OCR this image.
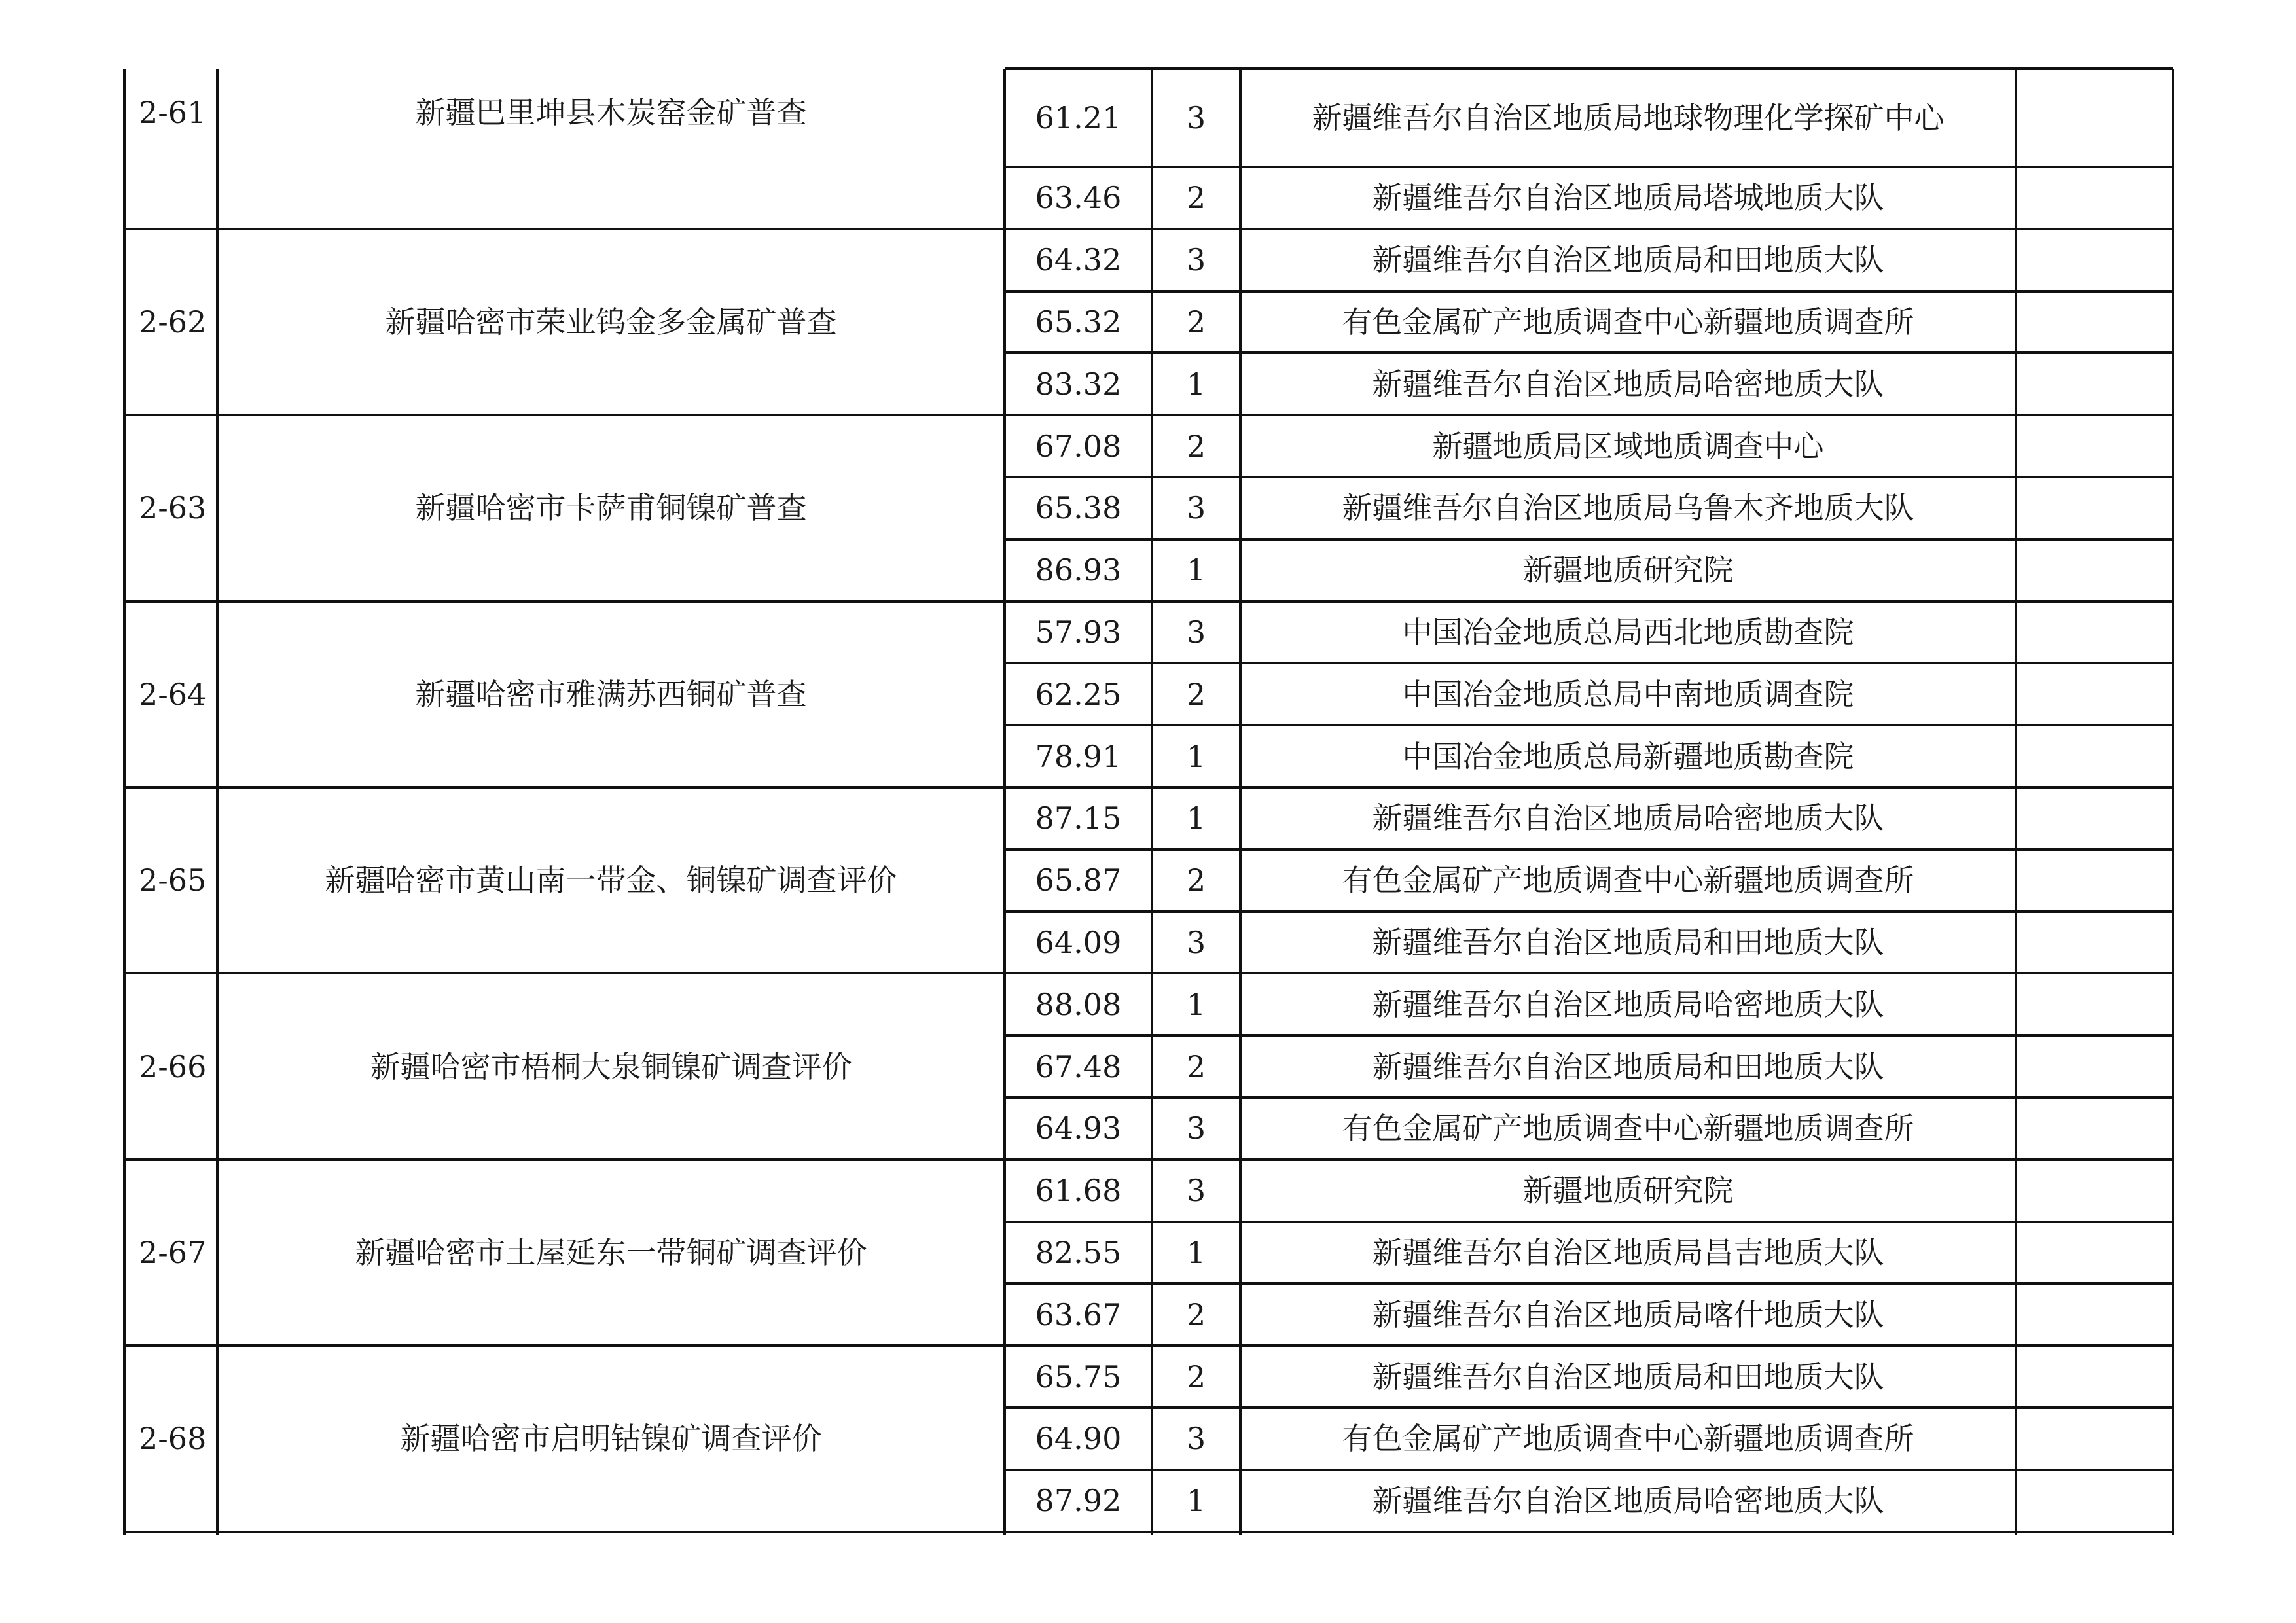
2-61	新疆巴里坤县木炭窑金矿普查	61.21	3	新疆维吾尔自治区地质局地球物理化学探矿中心
63.46	2	新疆维吾尔自治区地质局塔城地质大队
2-62	新疆哈密市荣业钨金多金属矿普查
64.32	3	新疆维吾尔自治区地质局和田地质大队
65.32	2	有色金属矿产地质调查中心新疆地质调查所
83.32	1	新疆维吾尔自治区地质局哈密地质大队
2-63	新疆哈密市卡萨甫铜镍矿普查
67.08	2	新疆地质局区域地质调查中心
65.38	3	新疆维吾尔自治区地质局乌鲁木齐地质大队
86.93	1	新疆地质研究院
2-64	新疆哈密市雅满苏西铜矿普查
57.93	3	中国冶金地质总局西北地质勘查院
62.25	2	中国冶金地质总局中南地质调查院
78.91	1	中国冶金地质总局新疆地质勘查院
2-65	新疆哈密市黄山南一带金、铜镍矿调查评价
87.15	1	新疆维吾尔自治区地质局哈密地质大队
65.87	2	有色金属矿产地质调查中心新疆地质调查所
64.09	3	新疆维吾尔自治区地质局和田地质大队
2-66	新疆哈密市梧桐大泉铜镍矿调查评价
88.08	1	新疆维吾尔自治区地质局哈密地质大队
67.48	2	新疆维吾尔自治区地质局和田地质大队
64.93	3	有色金属矿产地质调查中心新疆地质调查所
2-67	新疆哈密市土屋延东一带铜矿调查评价
61.68	3	新疆地质研究院
82.55	1	新疆维吾尔自治区地质局昌吉地质大队
63.67	2	新疆维吾尔自治区地质局喀什地质大队
2-68	新疆哈密市启明钴镍矿调查评价
65.75	2	新疆维吾尔自治区地质局和田地质大队
64.90	3	有色金属矿产地质调查中心新疆地质调查所
87.92	1	新疆维吾尔自治区地质局哈密地质大队
